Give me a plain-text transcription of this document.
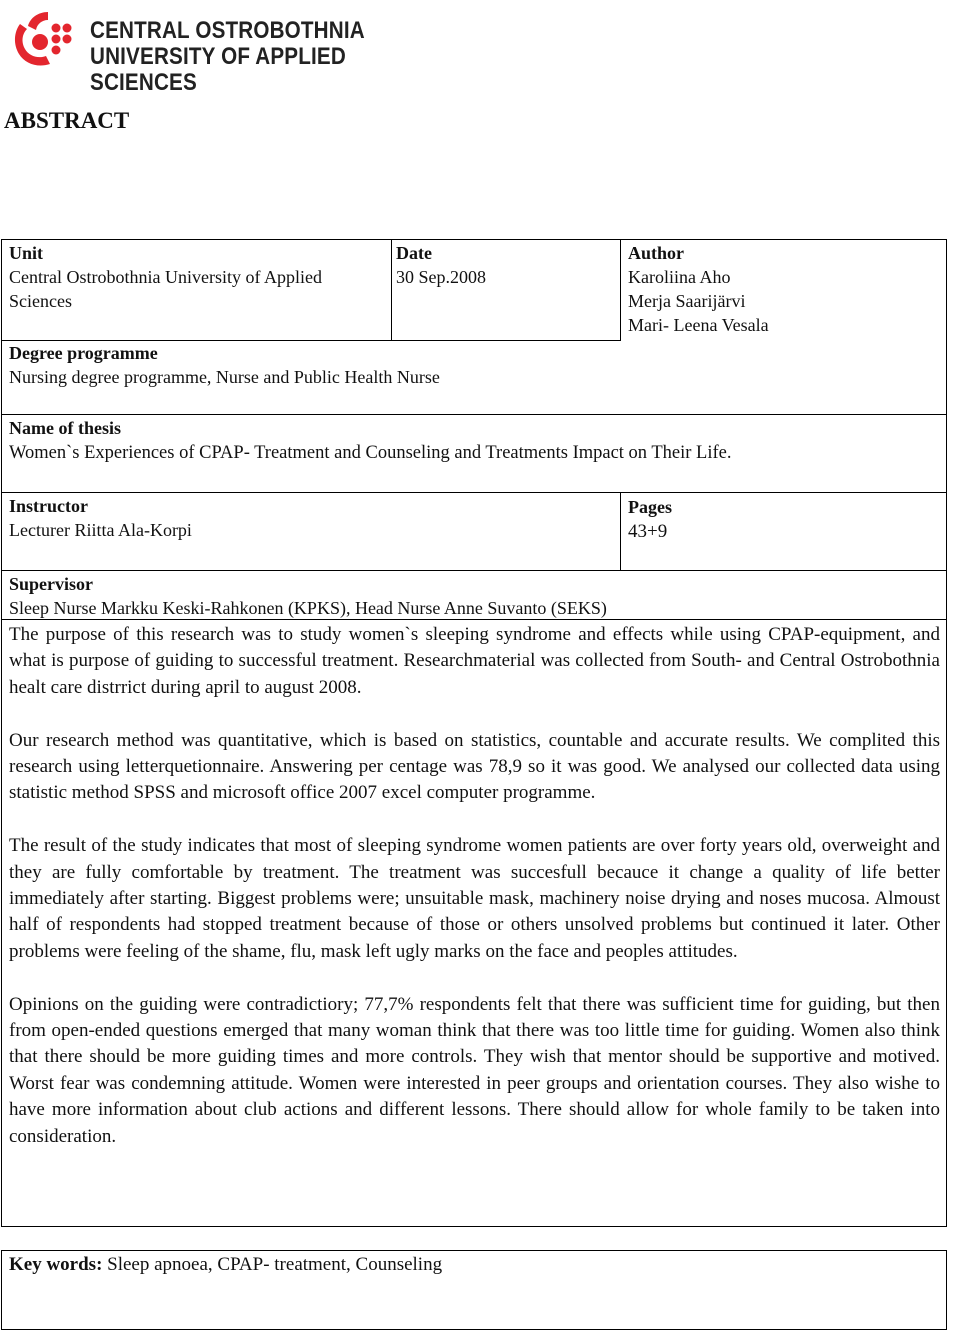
CENTRAL OSTROBOTHNIA
UNIVERSITY OF APPLIED SCIENCES
ABSTRACT
Unit
Central Ostrobothnia University of Applied
Sciences
Date
30 Sep.2008
Author
Karoliina Aho
Merja Saarijärvi
Mari- Leena Vesala
Degree programme
Nursing degree programme, Nurse and Public Health Nurse
Name of thesis
Women`s Experiences of CPAP- Treatment and Counseling and Treatments Impact on Their Life.
Instructor
Lecturer Riitta Ala-Korpi
Pages
43+9
Supervisor
Sleep Nurse Markku Keski-Rahkonen (KPKS), Head Nurse Anne Suvanto (SEKS)

The purpose of this research was to study women`s sleeping syndrome and effects while using CPAP-equipment, and what is purpose of guiding to successful treatment. Researchmaterial was collected from South- and Central Ostrobothnia healt care distrrict during april to august 2008.

Our research method was quantitative, which is based on statistics, countable and accurate results. We complited this research using letterquetionnaire. Answering per centage was 78,9 so it was good. We analysed our collected data using statistic method SPSS and microsoft office 2007 excel computer programme.

The result of the study indicates that most of sleeping syndrome women patients are over forty years old, overweight and they are fully comfortable by treatment. The treatment was succesfull becauce it change a quality of life better immediately after starting. Biggest problems were; unsuitable mask, machinery noise drying and noses mucosa. Almoust half of respondents had stopped treatment because of those or others unsolved problems but continued it later. Other problems were feeling of the shame, flu, mask left ugly marks on the face and peoples attitudes.

Opinions on the guiding were contradictiory; 77,7% respondents felt that there was sufficient time for guiding, but then from open-ended questions emerged that many woman think that there was too little time for guiding. Women also think that there should be more guiding times and more controls. They wish that mentor should be supportive and motived. Worst fear was condemning attitude. Women were interested in peer groups and orientation courses. They also wishe to have more information about club actions and different lessons. There should allow for whole family to be taken into consideration.

Key words: Sleep apnoea, CPAP- treatment, Counseling
